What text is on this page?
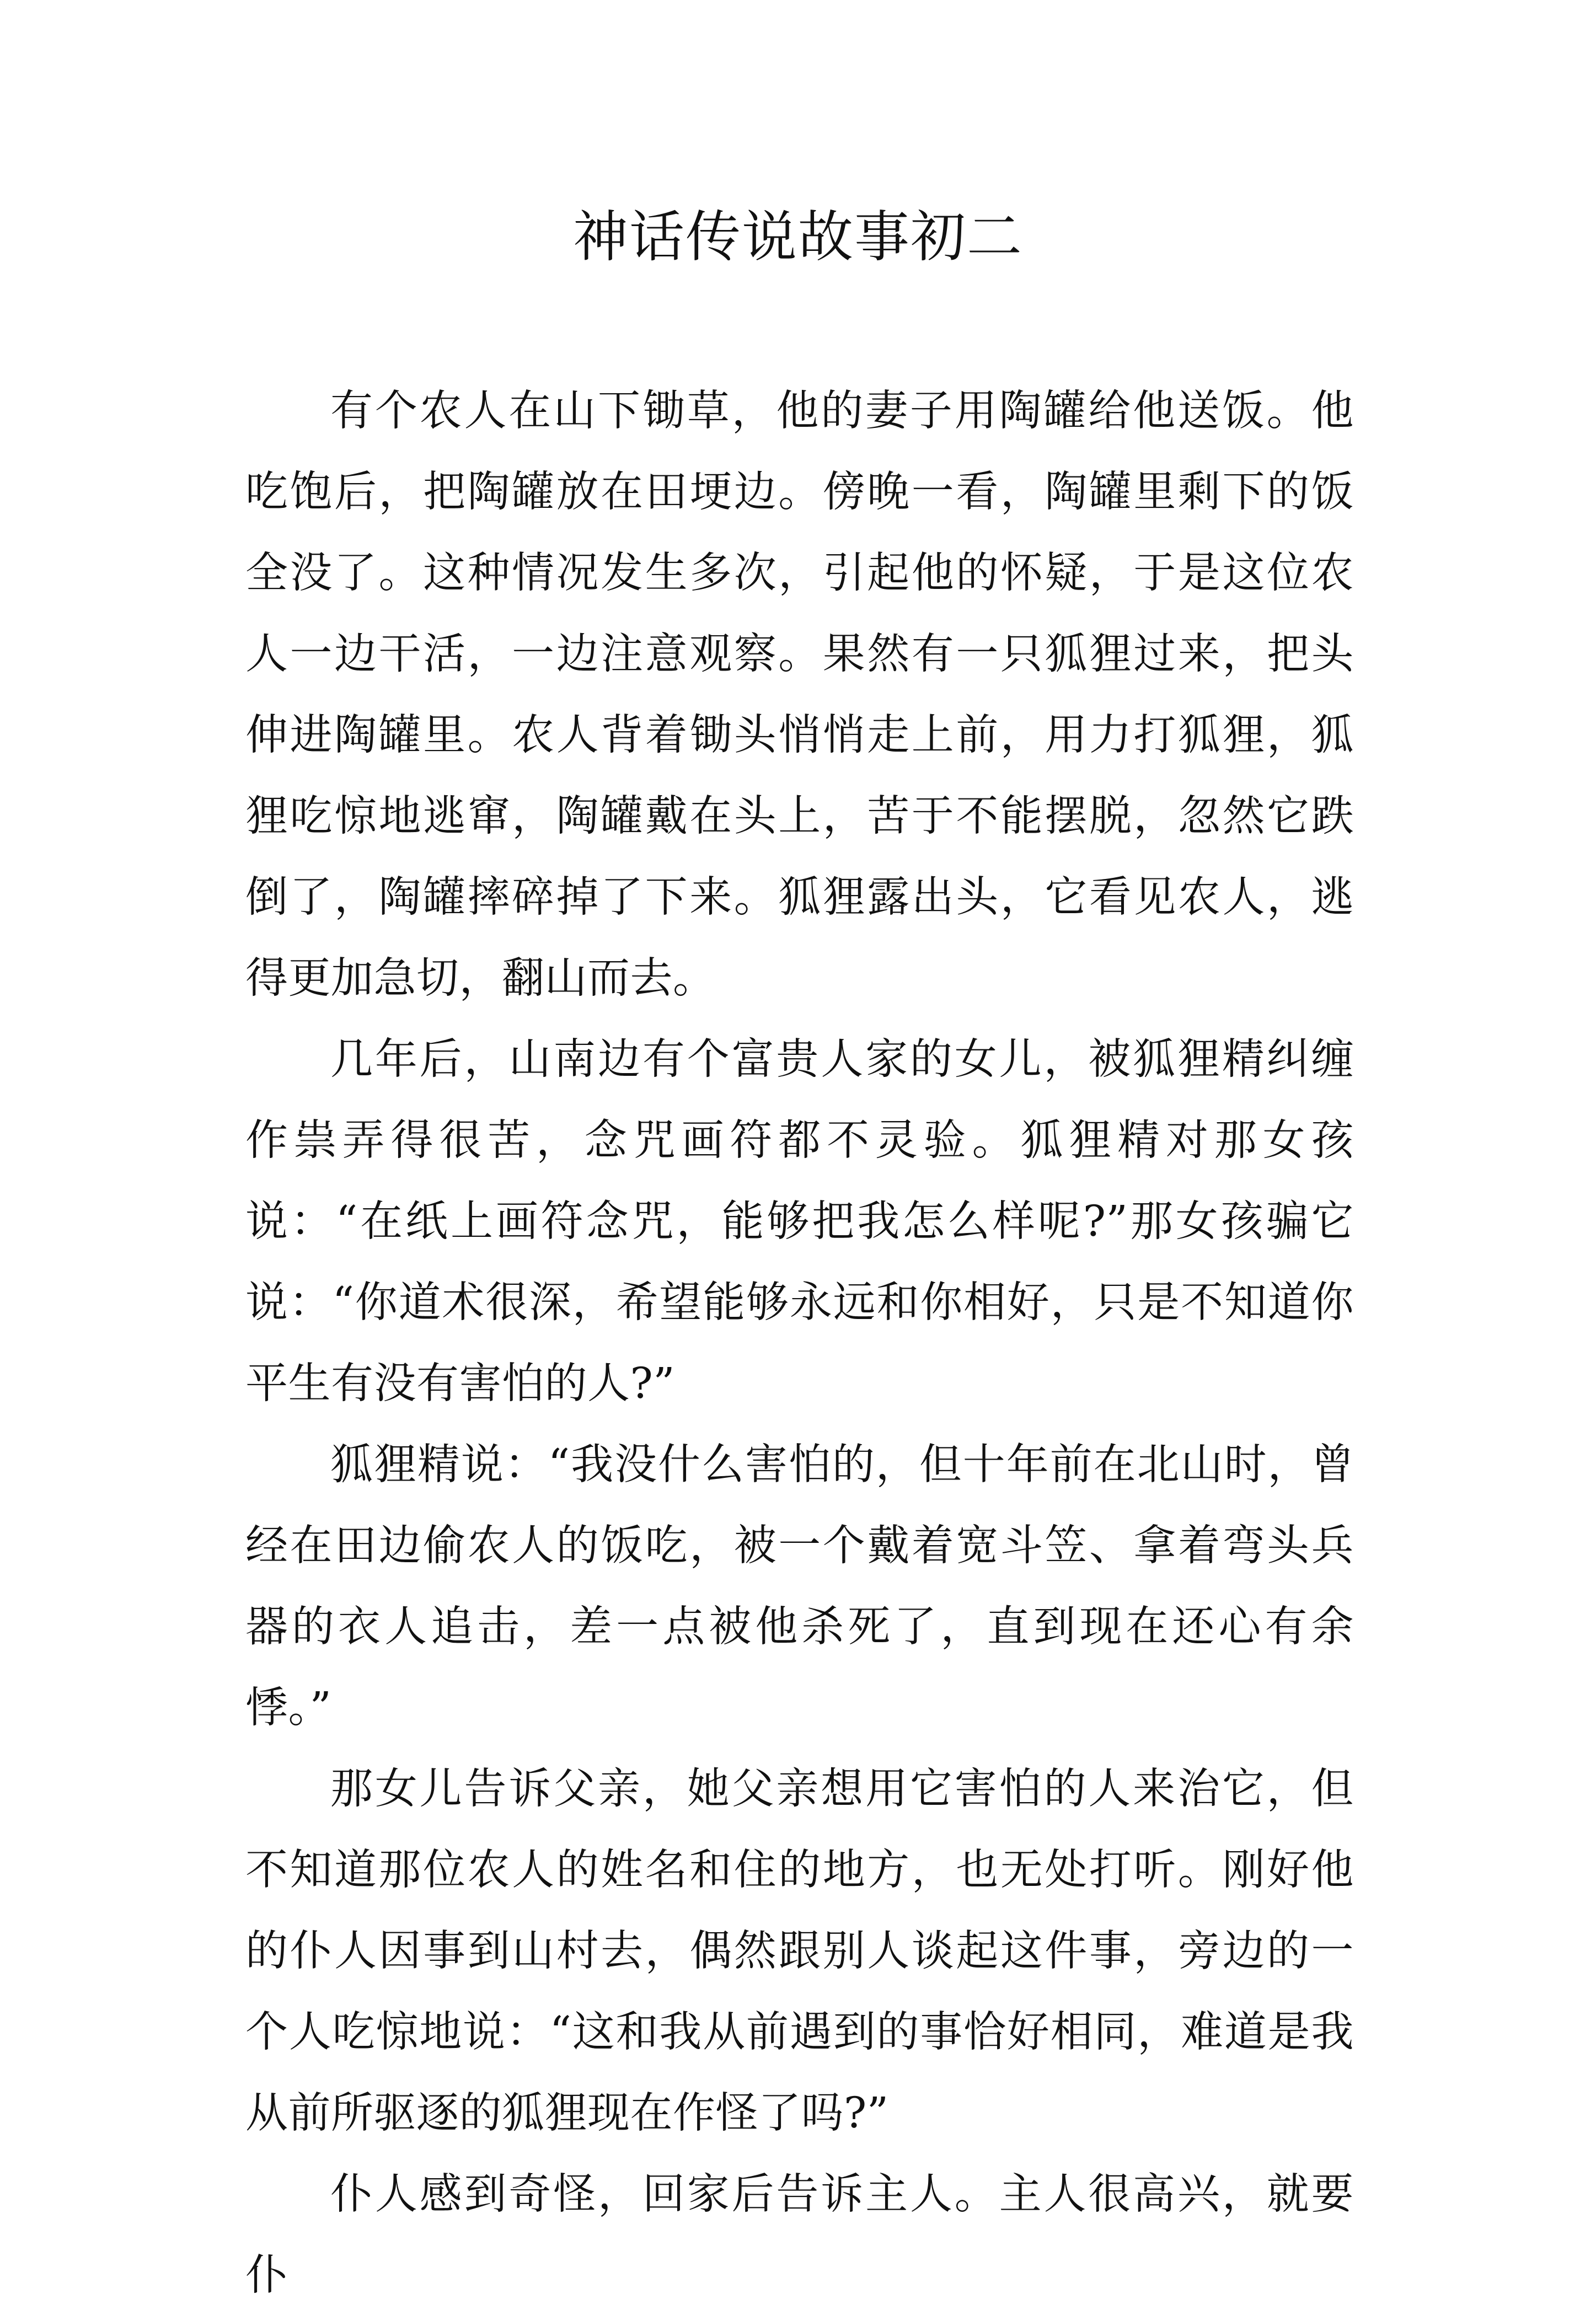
神话传说故事初二

有个农人在山下锄草，他的妻子用陶罐给他送饭。他吃饱后，把陶罐放在田埂边。傍晚一看，陶罐里剩下的饭全没了。这种情况发生多次，引起他的怀疑，于是这位农人一边干活，一边注意观察。果然有一只狐狸过来，把头伸进陶罐里。农人背着锄头悄悄走上前，用力打狐狸，狐狸吃惊地逃窜，陶罐戴在头上，苦于不能摆脱，忽然它跌倒了，陶罐摔碎掉了下来。狐狸露出头，它看见农人，逃得更加急切，翻山而去。

几年后，山南边有个富贵人家的女儿，被狐狸精纠缠作祟弄得很苦，念咒画符都不灵验。狐狸精对那女孩说：“在纸上画符念咒，能够把我怎么样呢?”那女孩骗它说：“你道术很深，希望能够永远和你相好，只是不知道你平生有没有害怕的人?”

狐狸精说：“我没什么害怕的，但十年前在北山时，曾经在田边偷农人的饭吃，被一个戴着宽斗笠、拿着弯头兵器的衣人追击，差一点被他杀死了，直到现在还心有余悸。”

那女儿告诉父亲，她父亲想用它害怕的人来治它，但不知道那位农人的姓名和住的地方，也无处打听。刚好他的仆人因事到山村去，偶然跟别人谈起这件事，旁边的一个人吃惊地说：“这和我从前遇到的事恰好相同，难道是我从前所驱逐的狐狸现在作怪了吗?”

仆人感到奇怪，回家后告诉主人。主人很高兴，就要仆
